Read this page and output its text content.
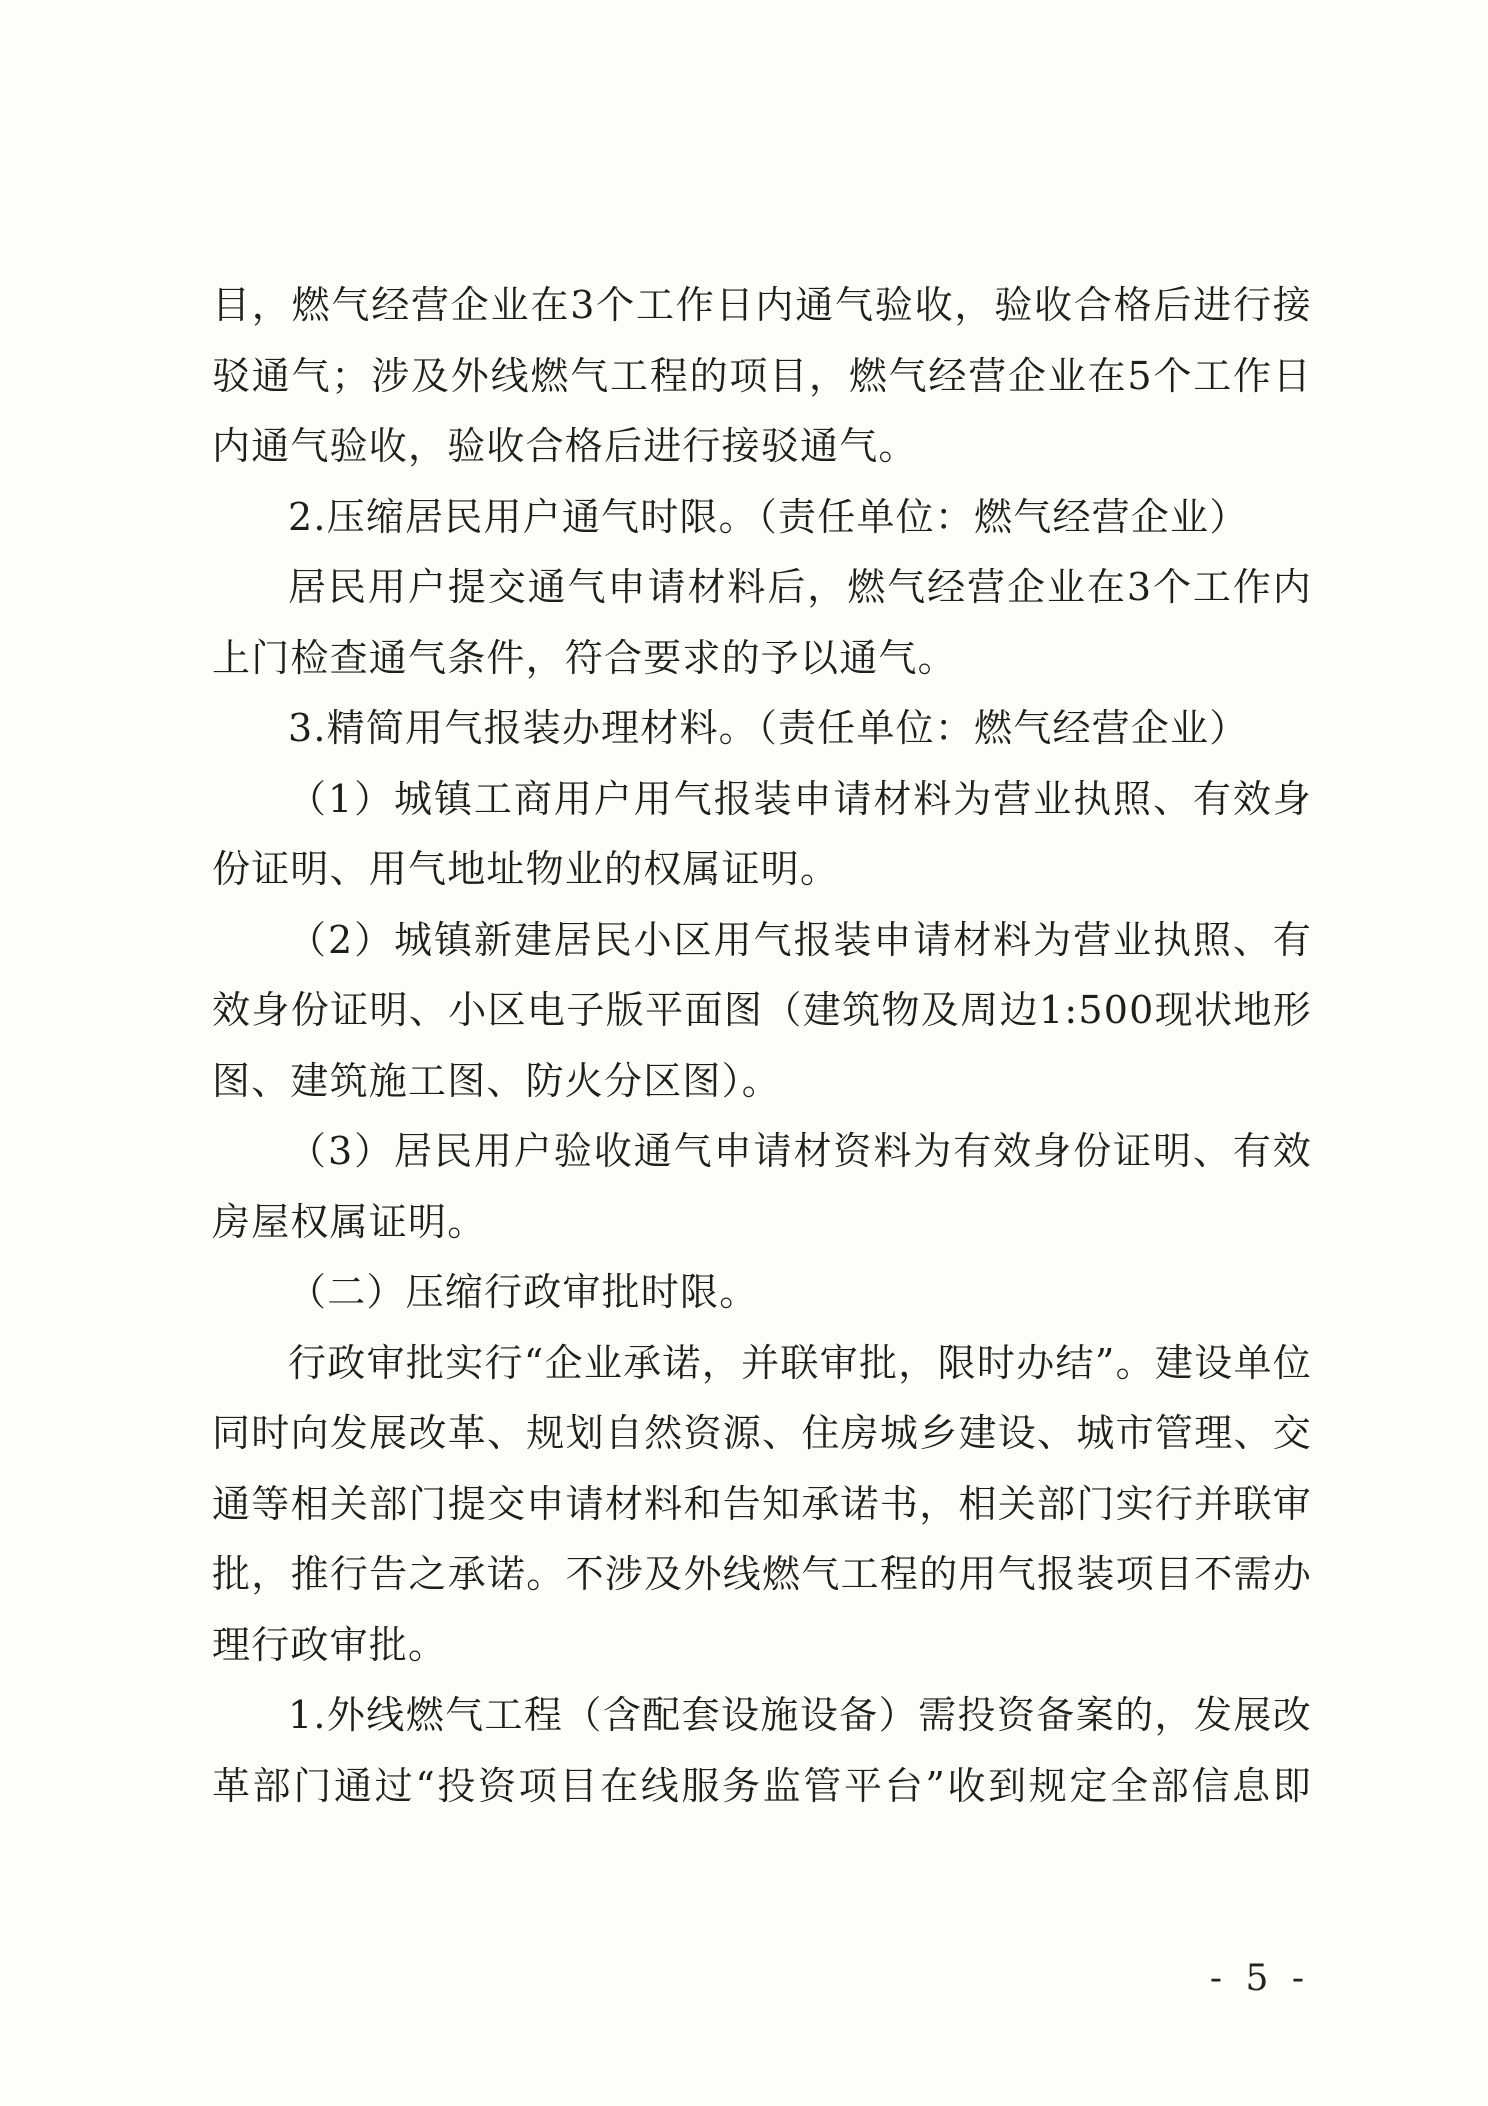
目，燃气经营企业在3个工作日内通气验收，验收合格后进行接
驳通气；涉及外线燃气工程的项目，燃气经营企业在5个工作日
内通气验收，验收合格后进行接驳通气。
2.压缩居民用户通气时限。（责任单位：燃气经营企业）
居民用户提交通气申请材料后，燃气经营企业在3个工作内
上门检查通气条件，符合要求的予以通气。
3.精简用气报装办理材料。（责任单位：燃气经营企业）
（1）城镇工商用户用气报装申请材料为营业执照、有效身
份证明、用气地址物业的权属证明。
（2）城镇新建居民小区用气报装申请材料为营业执照、有
效身份证明、小区电子版平面图（建筑物及周边1:500现状地形
图、建筑施工图、防火分区图）。
（3）居民用户验收通气申请材资料为有效身份证明、有效
房屋权属证明。
（二）压缩行政审批时限。
行政审批实行“企业承诺，并联审批，限时办结”。建设单位
同时向发展改革、规划自然资源、住房城乡建设、城市管理、交
通等相关部门提交申请材料和告知承诺书，相关部门实行并联审
批，推行告之承诺。不涉及外线燃气工程的用气报装项目不需办
理行政审批。
1.外线燃气工程（含配套设施设备）需投资备案的，发展改
革部门通过“投资项目在线服务监管平台”收到规定全部信息即
- 5 -
